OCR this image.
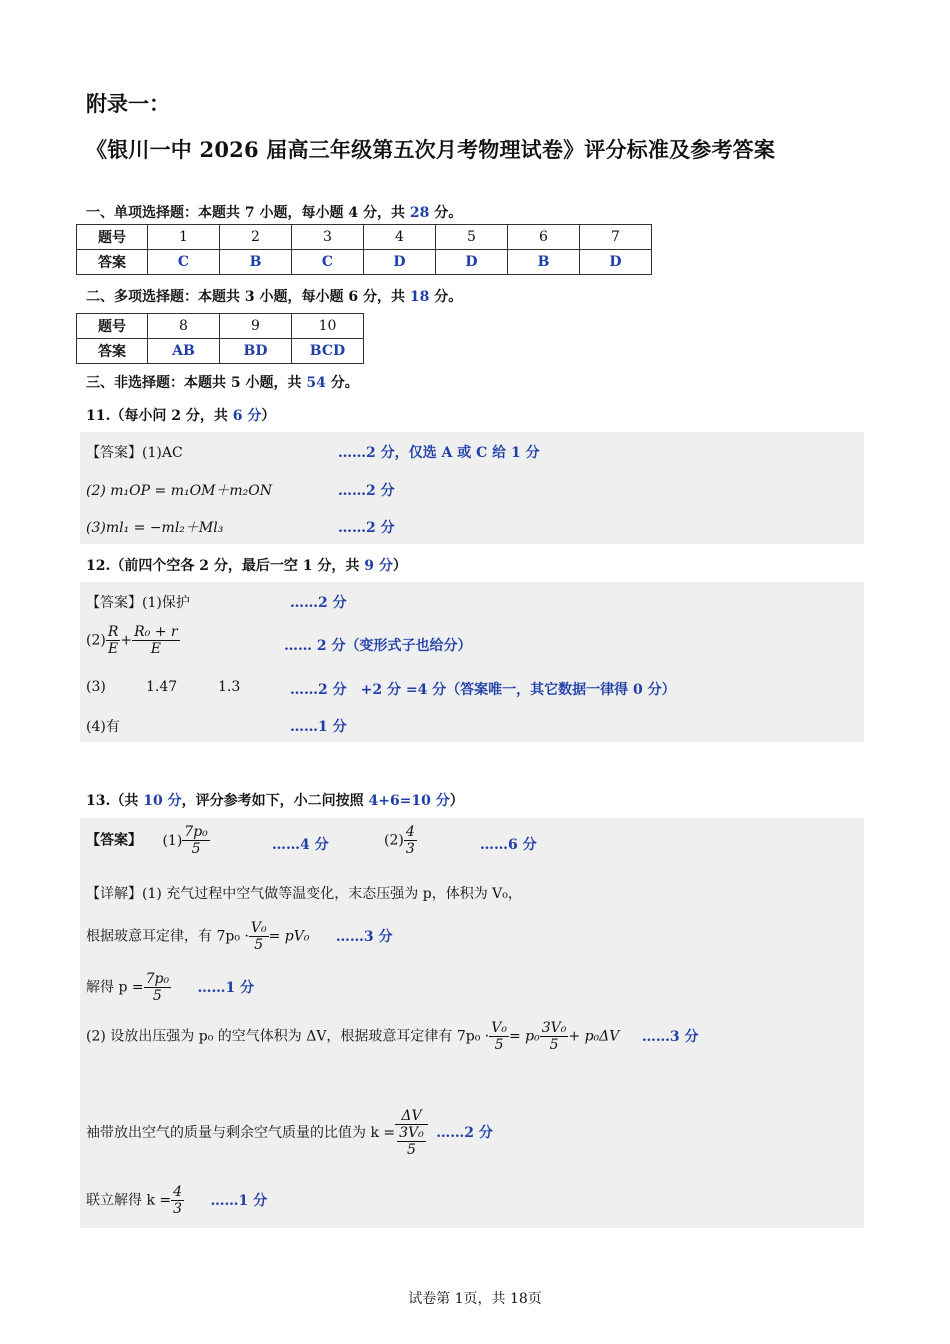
附录一：
《银川一中 2026 届高三年级第五次月考物理试卷》评分标准及参考答案
一、单项选择题：本题共 7 小题，每小题 4 分，共 28 分。
题号	1	2	3	4	5	6	7
答案	C	B	C	D	D	B	D
二、多项选择题：本题共 3 小题，每小题 6 分，共 18 分。
题号	8	9	10
答案	AB	BD	BCD
三、非选择题：本题共 5 小题，共 54 分。
11.（每小问 2 分，共 6 分）
【答案】(1)AC	……2 分，仅选 A 或 C 给 1 分
(2) m₁OP = m₁OM＋m₂ON	……2 分
(3)ml₁ = −ml₂＋Ml₃	……2 分
12.（前四个空各 2 分，最后一空 1 分，共 9 分）
【答案】(1)保护	……2 分
$(2) \frac{R}{E} + \frac{\text{R₀ + r}}{E}$	…… 2 分（变形式子也给分）
(3)	1.47	1.3	……2 分　+2 分 =4 分（答案唯一，其它数据一律得 0 分）
(4)有	……1 分
13.（共 10 分，评分参考如下，小二问按照 4+6=10 分）
【答案】 $(1) \frac{\text{7p₀}}{5}$	……4 分	$(2) \frac{4}{3}$	……6 分
【详解】(1) 充气过程中空气做等温变化，末态压强为 p，体积为 V₀，
根据玻意耳定律，有 $7p_0 \cdot \frac{\text{V₀}}{5} = pV_0$ ……3 分
解得 $p = \frac{\text{7p₀}}{5}$ ……1 分
(2) 设放出压强为 p₀ 的空气体积为 ΔV，根据玻意耳定律有 $7p_0 \cdot \frac{\text{V₀}}{5} = p_0 \frac{\text{3V₀}}{5} + p_0\Delta V$ ……3 分
袖带放出空气的质量与剩余空气质量的比值为 $k = \frac{\Delta V}{\frac{\text{3V₀}}{5}}$ ……2 分
联立解得 $k = \frac{4}{3}$ ……1 分
试卷第 1页，共 18页
